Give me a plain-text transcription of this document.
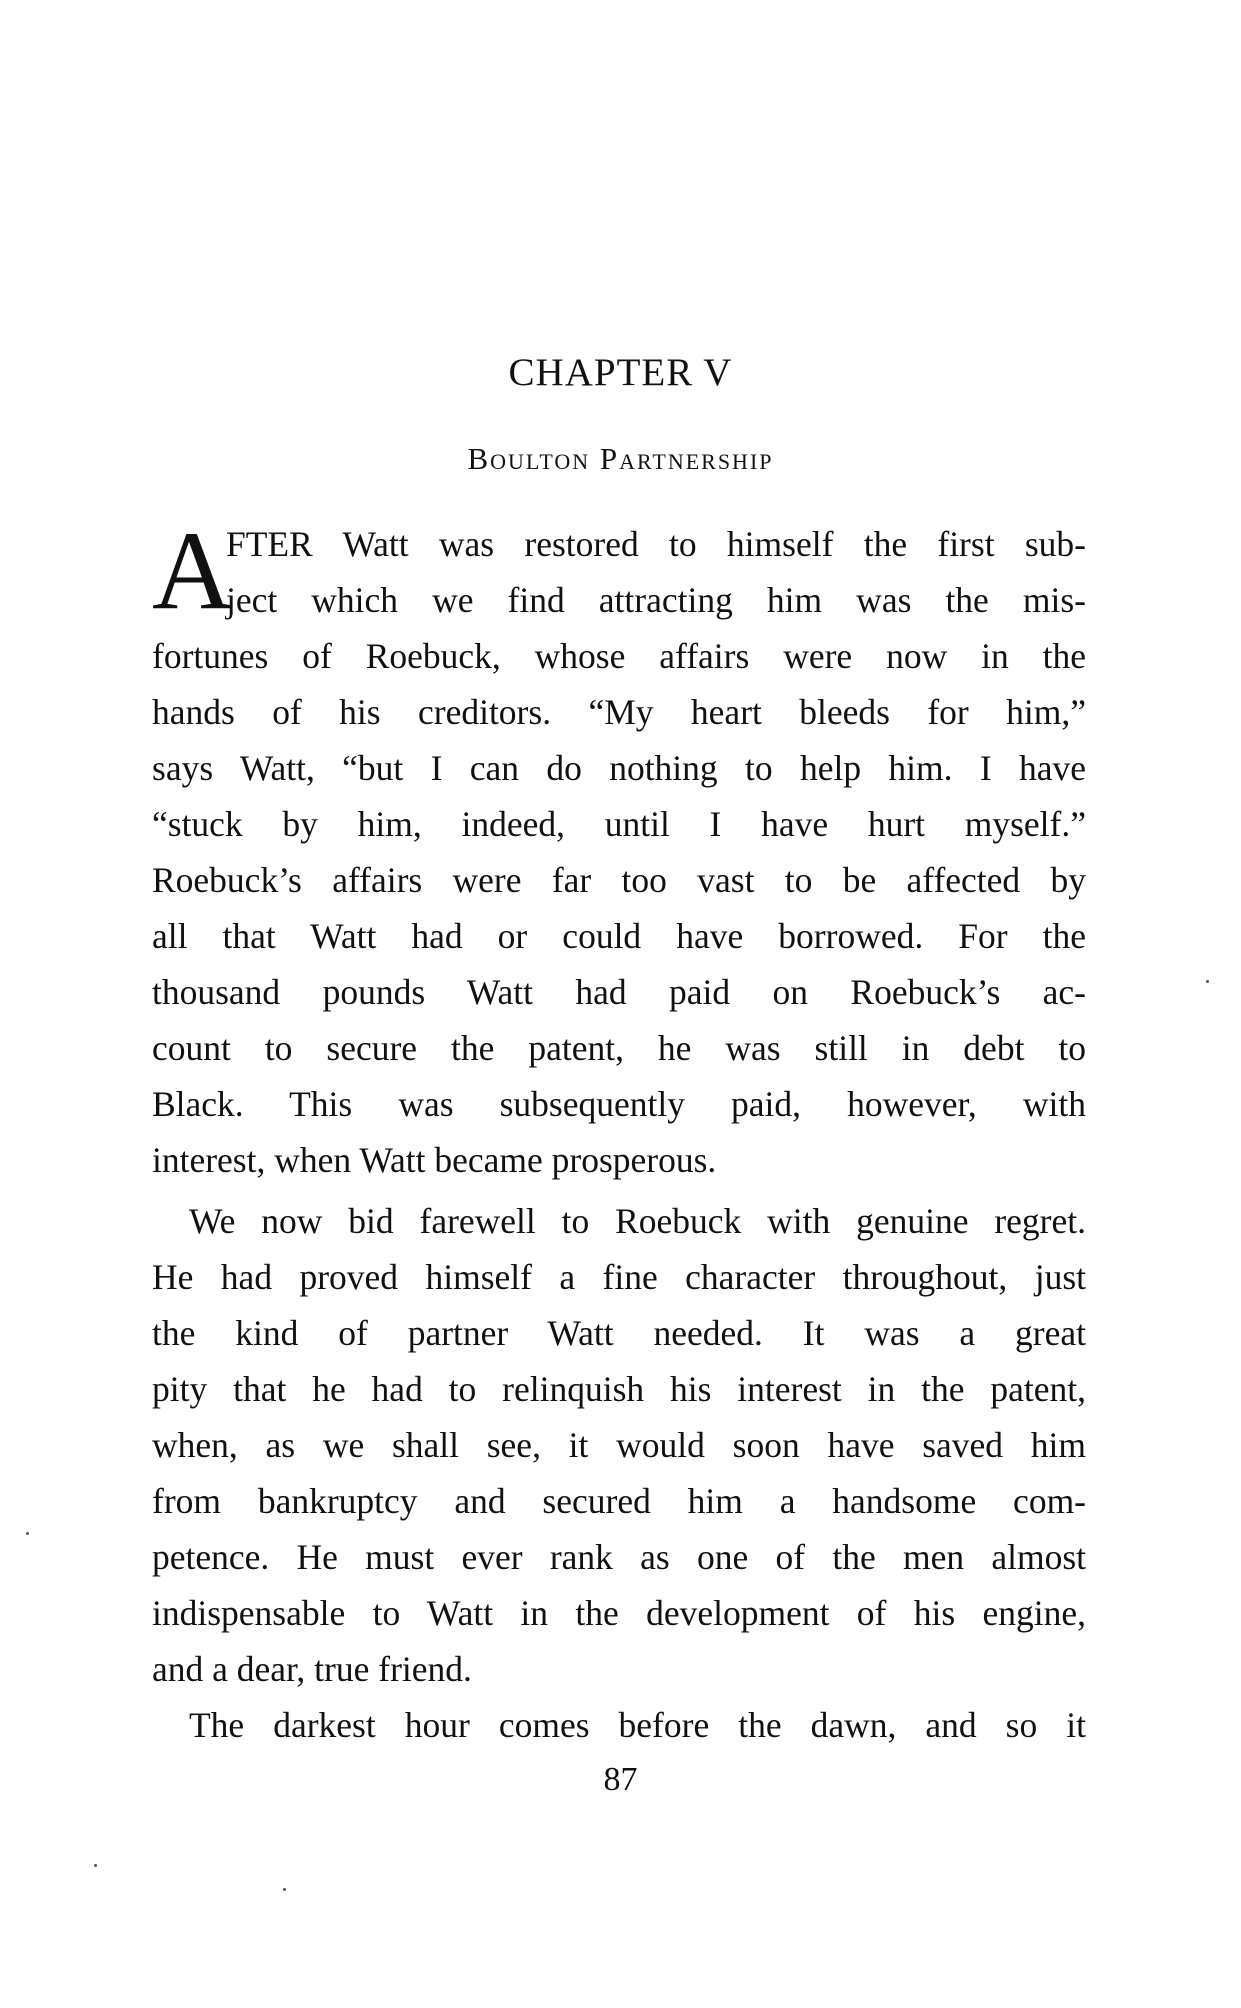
CHAPTER V
Boulton Partnership
A
FTER Watt was restored to himself the first sub-
ject which we find attracting him was the mis-
fortunes of Roebuck, whose affairs were now in the
hands of his creditors. “My heart bleeds for him,”
says Watt, “but I can do nothing to help him. I have
“stuck by him, indeed, until I have hurt myself.”
Roebuck’s affairs were far too vast to be affected by
all that Watt had or could have borrowed. For the
thousand pounds Watt had paid on Roebuck’s ac-
count to secure the patent, he was still in debt to
Black. This was subsequently paid, however, with
interest, when Watt became prosperous.
We now bid farewell to Roebuck with genuine regret.
He had proved himself a fine character throughout, just
the kind of partner Watt needed. It was a great
pity that he had to relinquish his interest in the patent,
when, as we shall see, it would soon have saved him
from bankruptcy and secured him a handsome com-
petence. He must ever rank as one of the men almost
indispensable to Watt in the development of his engine,
and a dear, true friend.
The darkest hour comes before the dawn, and so it
87
